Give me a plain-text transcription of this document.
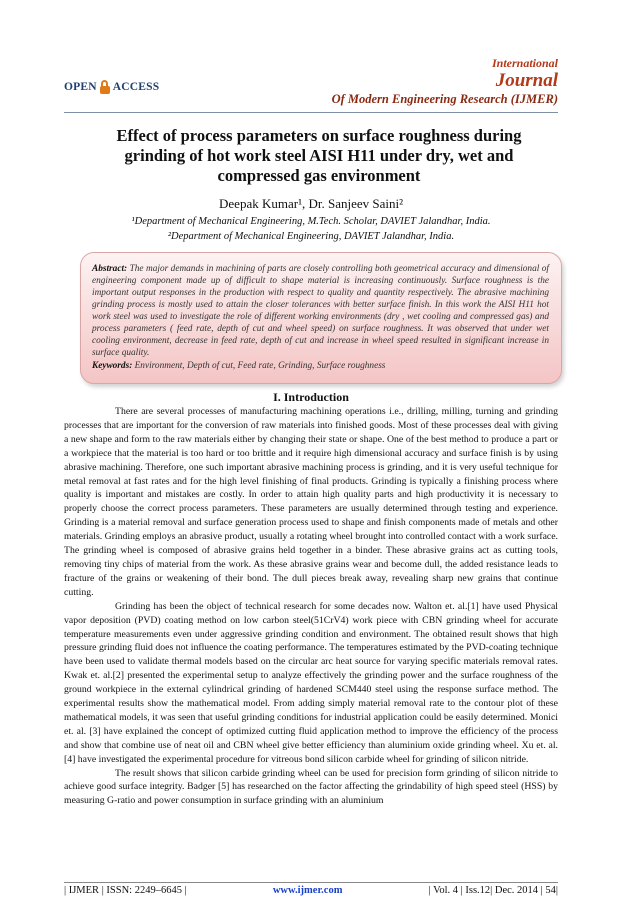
OPEN ACCESS
International
Journal
Of Modern Engineering Research (IJMER)
Effect of process parameters on surface roughness during grinding of hot work steel AISI H11 under dry, wet and compressed gas environment
Deepak Kumar¹, Dr. Sanjeev Saini²
¹Department of Mechanical Engineering, M.Tech. Scholar, DAVIET Jalandhar, India.
²Department of Mechanical Engineering, DAVIET Jalandhar, India.
Abstract: The major demands in machining of parts are closely controlling both geometrical accuracy and dimensional of engineering component made up of difficult to shape material is increasing continuously. Surface roughness is the important output responses in the production with respect to quality and quantity respectively. The abrasive machining grinding process is mostly used to attain the closer tolerances with better surface finish. In this work the AISI H11 hot work steel was used to investigate the role of different working environments (dry , wet cooling and compressed gas) and process parameters ( feed rate, depth of cut and wheel speed) on surface roughness. It was observed that under wet cooling environment, decrease in feed rate, depth of cut and increase in wheel speed resulted in significant increase in surface quality.
Keywords: Environment, Depth of cut, Feed rate, Grinding, Surface roughness
I. Introduction

There are several processes of manufacturing machining operations i.e., drilling, milling, turning and grinding processes that are important for the conversion of raw materials into finished goods. Most of these processes deal with giving a new shape and form to the raw materials either by changing their state or shape. One of the best method to produce a part or a workpiece that the material is too hard or too brittle and it require high dimensional accuracy and surface finish is by using abrasive machining. Therefore, one such important abrasive machining process is grinding, and it is very useful technique for metal removal at fast rates and for the high level finishing of final products. Grinding is typically a finishing process where quality is important and mistakes are costly. In order to attain high quality parts and high productivity it is necessary to properly choose the correct process parameters. These parameters are usually determined through testing and experience. Grinding is a material removal and surface generation process used to shape and finish components made of metals and other materials. Grinding employs an abrasive product, usually a rotating wheel brought into controlled contact with a work surface. The grinding wheel is composed of abrasive grains held together in a binder. These abrasive grains act as cutting tools, removing tiny chips of material from the work. As these abrasive grains wear and become dull, the added resistance leads to fracture of the grains or weakening of their bond. The dull pieces break away, revealing sharp new grains that continue cutting.

Grinding has been the object of technical research for some decades now. Walton et. al.[1] have used Physical vapor deposition (PVD) coating method on low carbon steel(51CrV4) work piece with CBN grinding wheel for accurate temperature measurements even under aggressive grinding condition and environment. The obtained result shows that high pressure grinding fluid does not influence the coating performance. The temperatures estimated by the PVD-coating technique have been used to validate thermal models based on the circular arc heat source for varying specific materials removal rates. Kwak et. al.[2] presented the experimental setup to analyze effectively the grinding power and the surface roughness of the ground workpiece in the external cylindrical grinding of hardened SCM440 steel using the response surface method. The experimental results show the mathematical model. From adding simply material removal rate to the contour plot of these mathematical models, it was seen that useful grinding conditions for industrial application could be easily determined. Monici et. al. [3] have explained the concept of optimized cutting fluid application method to improve the efficiency of the process and show that combine use of neat oil and CBN wheel give better efficiency than aluminium oxide grinding wheel. Xu et. al. [4] have investigated the experimental procedure for vitreous bond silicon carbide wheel for grinding of silicon nitride.

The result shows that silicon carbide grinding wheel can be used for precision form grinding of silicon nitride to achieve good surface integrity. Badger [5] has researched on the factor affecting the grindability of high speed steel (HSS) by measuring G-ratio and power consumption in surface grinding with an aluminium

| IJMER | ISSN: 2249–6645 |	www.ijmer.com	| Vol. 4 | Iss.12| Dec. 2014 | 54|
